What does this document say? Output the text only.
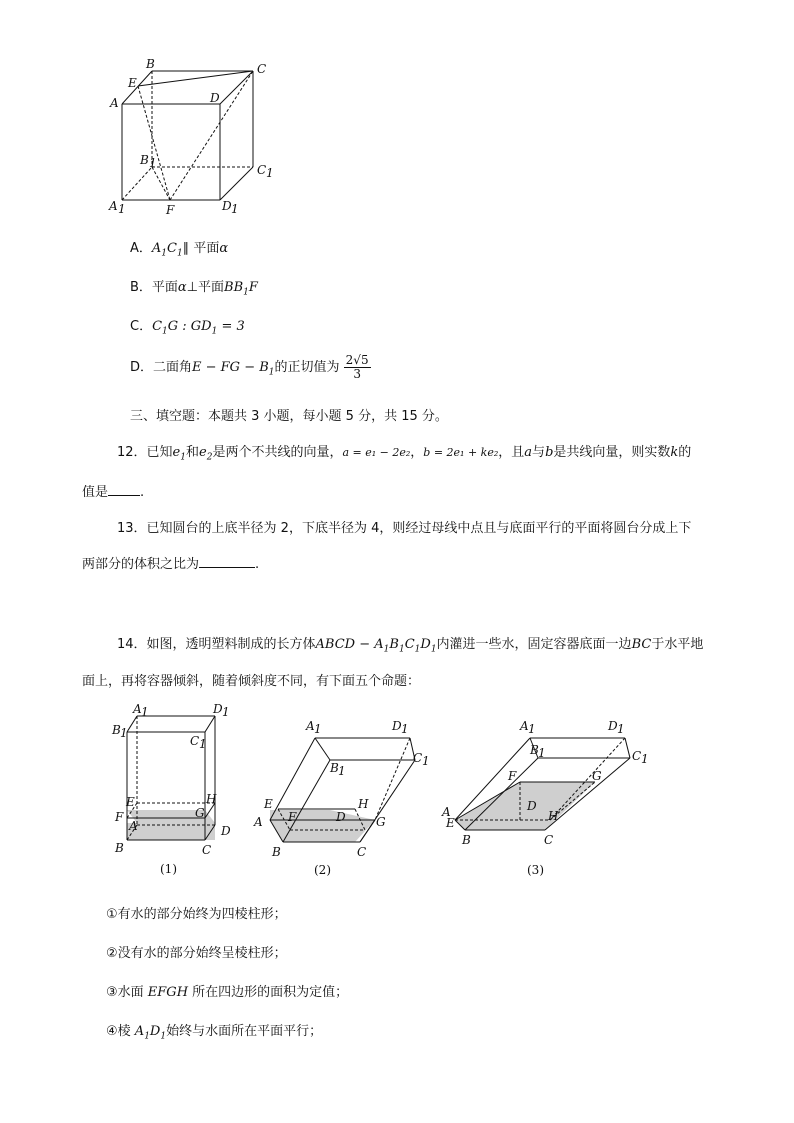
B	C
E
A	D
B 1	C 1
A 1	F	D 1
A．$A_1C_1\parallel$ 平面α
B．平面α⊥平面$BB_1F$
C．$C_1G$ : $GD_1 = 3$
D．二面角E − FG − $B_1$的正切值为 $\frac{2√5}{3}$
三、填空题：本题共 3 小题，每小题 5 分，共 15 分。
12．已知$e_1$和$e_2$是两个不共线的向量，a = e₁ − 2e₂，b = 2e₁ + ke₂，且a与b是共线向量，则实数k的
值是 .
13．已知圆台的上底半径为 2，下底半径为 4，则经过母线中点且与底面平行的平面将圆台分成上下
两部分的体积之比为	.
14．如图，透明塑料制成的长方体ABCD − $A_1B_1C_1D_1$内灌进一些水，固定容器底面一边BC于水平地
面上，再将容器倾斜，随着倾斜度不同，有下面五个命题：
A 1	D 1
B 1
C 1
E	H
F	G
A	D
B	C
(1)
A 1	D 1
C 1
B 1
E	H
A F	D	G
B	C
(2)
A 1	D 1
C 1
B 1
F	G
D
H
A
E
B	C
(3)
①有水的部分始终为四棱柱形；
②没有水的部分始终呈棱柱形；
③水面 EFGH 所在四边形的面积为定值；
④棱 $A_1D_1$始终与水面所在平面平行；
